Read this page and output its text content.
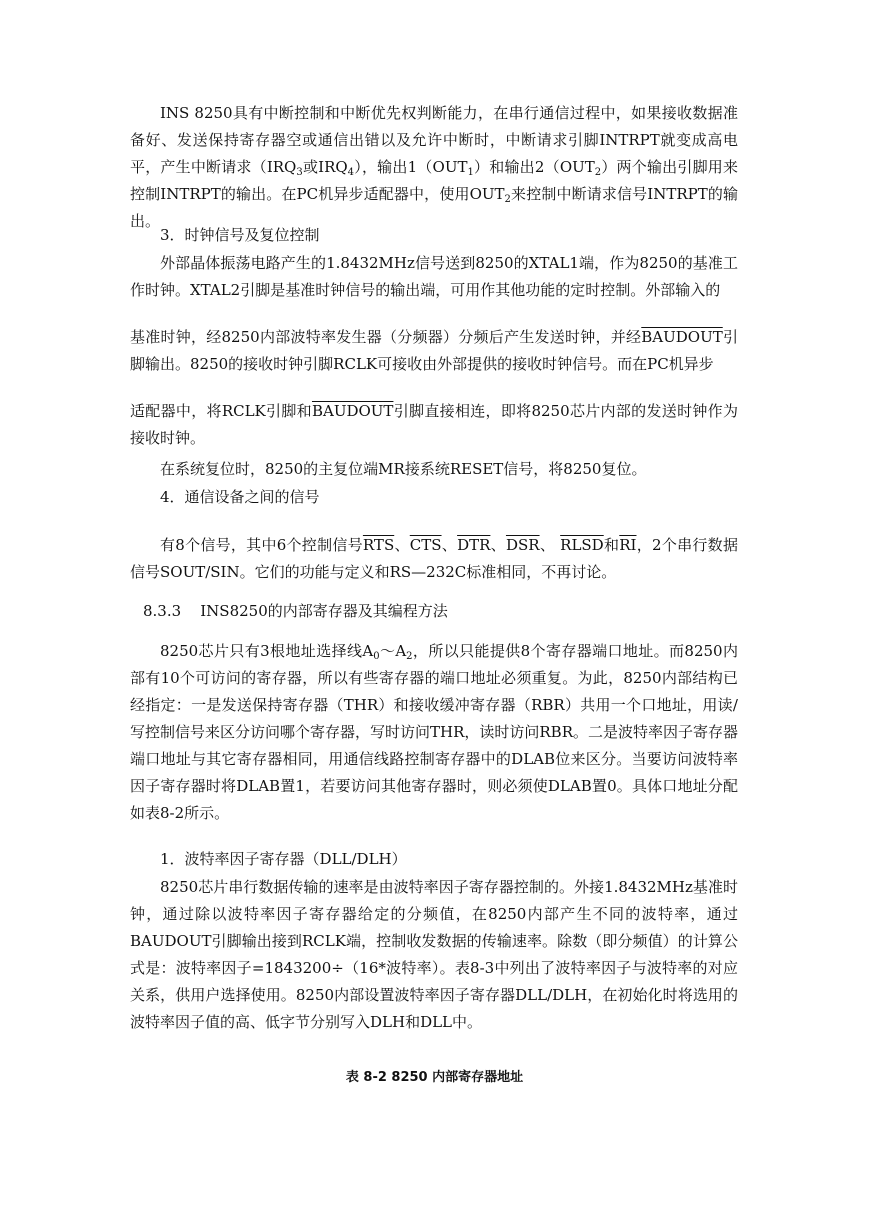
INS 8250具有中断控制和中断优先权判断能力，在串行通信过程中，如果接收数据准备好、发送保持寄存器空或通信出错以及允许中断时，中断请求引脚INTRPT就变成高电平，产生中断请求（$IRQ_3$或$IRQ_4$），输出$1(OUT_1)$和输出$2(OUT_2)$两个输出引脚用来控制INTRPT的输出。在PC机异步适配器中，使用$OUT_2$来控制中断请求信号INTRPT的输出。

3．时钟信号及复位控制

外部晶体振荡电路产生的1.8432MHz信号送到8250的XTAL1端，作为8250的基准工作时钟。XTAL2引脚是基准时钟信号的输出端，可用作其他功能的定时控制。外部输入的

基准时钟，经8250内部波特率发生器（分频器）分频后产生发送时钟，并经BAUDOUT引脚输出。8250的接收时钟引脚RCLK可接收由外部提供的接收时钟信号。而在PC机异步

适配器中，将RCLK引脚和BAUDOUT引脚直接相连，即将8250芯片内部的发送时钟作为接收时钟。

在系统复位时，8250的主复位端MR接系统RESET信号，将8250复位。

4．通信设备之间的信号

有8个信号，其中6个控制信号$\overline{RTS}$、$\overline{CTS}$、$\overline{DTR}$、$\overline{DSR}$、 RLSD和$\overline{RI}$，2个串行数据信号SOUT/SIN。它们的功能与定义和RS—232C标准相同，不再讨论。

8.3.3    INS8250的内部寄存器及其编程方法

8250芯片只有3根地址选择线$A_0\sim A_2$，所以只能提供8个寄存器端口地址。而8250内部有10个可访问的寄存器，所以有些寄存器的端口地址必须重复。为此，8250内部结构已经指定：一是发送保持寄存器（THR）和接收缓冲寄存器（RBR）共用一个口地址，用读/写控制信号来区分访问哪个寄存器，写时访问THR，读时访问RBR。二是波特率因子寄存器端口地址与其它寄存器相同，用通信线路控制寄存器中的DLAB位来区分。当要访问波特率因子寄存器时将DLAB置1，若要访问其他寄存器时，则必须使DLAB置0。具体口地址分配如表8-2所示。

1．波特率因子寄存器（DLL/DLH）

8250芯片串行数据传输的速率是由波特率因子寄存器控制的。外接1.8432MHz基准时钟，通过除以波特率因子寄存器给定的分频值，在8250内部产生不同的波特率，通过BAUDOUT引脚输出接到RCLK端，控制收发数据的传输速率。除数（即分频值）的计算公式是：波特率因子=1843200÷（16*波特率）。表8-3中列出了波特率因子与波特率的对应关系，供用户选择使用。8250内部设置波特率因子寄存器DLL/DLH，在初始化时将选用的波特率因子值的高、低字节分别写入DLH和DLL中。

表 8-2 8250 内部寄存器地址
